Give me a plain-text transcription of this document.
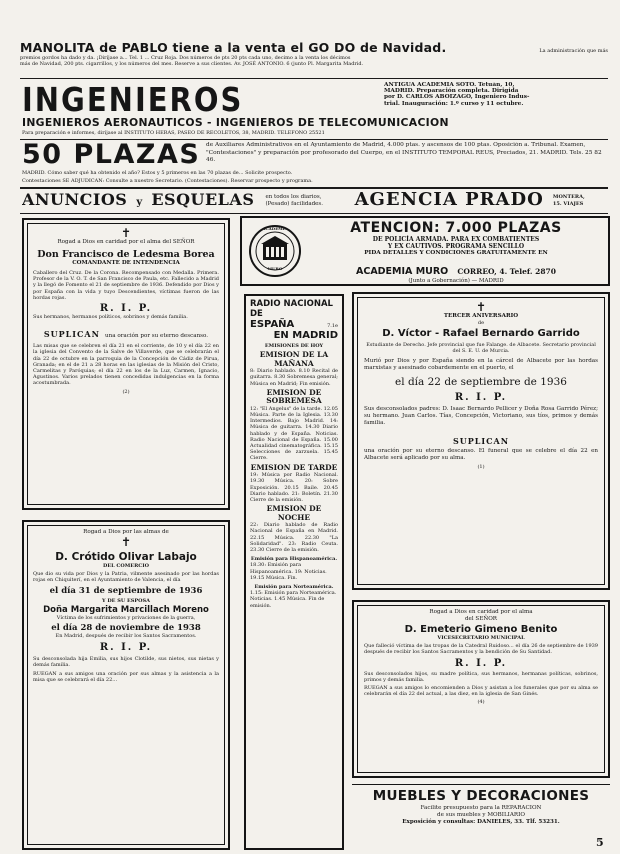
MANOLITA de PABLO tiene a la venta el GO DO de Navidad.	La administración que más
premios gordos ha dado y da. ¡Diríjase a... Tel. 1 ... Cruz Roja. Dos números de pts 20 pts cada uno, decimo a la venta los décimos
más de Navidad, 200 pts. cigarrillos, y los números del mes. Reserve a sus clientes. Av. JOSÉ ANTONIO. 6 (junto Pl. Margarita Madrid.
INGENIEROS	ANTIGUA ACADEMIA SOTO. Tetuán, 10,
MADRID. Preparación completa. Dirigida
por D. CARLOS ABOIZAGO, Ingeniero Indus-
trial. Inauguración: 1.º curso y 11 octubre.
INGENIEROS AERONAUTICOS - INGENIEROS DE TELECOMUNICACION
Para preparación e informes, diríjase al INSTITUTO HERAS, PASEO DE RECOLETOS, 38, MADRID. TELEFONO 25521
50 PLAZAS de Auxiliares Administrativos en el Ayuntamiento de Madrid, 4.000 ptas. y ascensos de 100 ptas. Oposición a. Tribunal. Examen, "Contestaciones" y preparación por profesorado del Cuerpo, en el INSTITUTO TEMPORAL REUS, Preciados, 21. MADRID. Tels. 25 82 46.
MADRID. Cómo saber qué ha obtenido el año? Estos y 5 primeros en las 70 plazas de... Solicite prospecto.
Contestaciones SE ADJUDICAN: Consulte a nuestro Secretario. (Contestaciones). Reservar prospecto y programa.
ANUNCIOS y ESQUELAS en todos los diarios, (Pesado) facilidades. AGENCIA PRADO MONTERA, 15. VIAJES
✝
Rogad a Dios en caridad por el alma del SEÑOR
Don Francisco de Ledesma Borea
COMANDANTE DE INTENDENCIA

Caballero del Cruz. De la Corona. Recompensado con Medalla. Primera. Profesor de la V. O. T. de San Francisco de Paula, etc. Fallecido a Madrid y la llegó de Fomento el 21 de septiembre de 1936. Defendido por Dios y por España con la vida y tuyo Descendientes, víctimas fueron de las hordas rojas.

R. I. P.

Sus hermanos, hermanos políticos, sobrinos y demás familia.

SUPLICAN una oración por su eterno descanso.

Las misas que se celebren el día 21 en el corriente, de 10 y el día 22 en la iglesia del Convento de la Salve de Villaverde, que se celebrarán el día 22 de octubre en la parroquia de la Concepción de Cádiz de Pirua, Granada; en el de 21 a 28 horas en las iglesias de la Misión del Cristo, Carmelitas y Paróquias; el día 22 en los de la Luz, Carmen, Ignacio, Agustinos. Varios prelados tienen concedidas indulgencias en la forma acostumbrada.

(2)
Rogad a Dios por las almas de
✝
D. Crótido Olivar Labajo
DEL COMERCIO

Que dio su vida por Dios y la Patria, vilmente asesinado por las hordas rojas en Chiquiterí, en el Ayuntamiento de Valencia, el día

el día 31 de septiembre de 1936
Y DE SU ESPOSA
Doña Margarita Marcillach Moreno

Víctima de los sufrimientos y privaciones de la guerra,

el día 28 de noviembre de 1938

En Madrid, después de recibir los Santos Sacramentos.

R. I. P.

Su desconsolada hija Emilia, sus hijos Clotilde, sus nietos, sus nietas y demás familia.

RUEGAN a sus amigos una oración por sus almas y la asistencia a la misa que se celebrará el día 22...

ACADEMIA
MURO
ATENCION: 7.000 PLAZAS
DE POLICÍA ARMADA. PARA EX COMBATIENTES
Y EX CAUTIVOS. PROGRAMA SENCILLO
PIDA DETALLES Y CONDICIONES GRATUITAMENTE EN
ACADEMIA MURO CORREO, 4. Telef. 2870
(Junto a Gobernación) — MADRID
RADIO NACIONAL
DE
ESPAÑA	7.1e
EN MADRID
EMISIONES DE HOY
EMISION DE LA MAÑANA

8: Diario hablado. 8.10 Recital de guitarra. 8.30 Sobremesa general; Música en Madrid; Fin emisión.

EMISION DE SOBREMESA

12: "El Angelus" de la tarde. 12.05 Música. Parte de la Iglesia. 13.30 Intermedios. Bajo Madrid. 14: Música de guitarra. 14.30 Diario hablado y de España. Noticias. Radio Nacional de España. 15.00 Actualidad cinematográfica. 15.15 Selecciones de zarzuela. 15.45 Cierre.

EMISION DE TARDE

19: Música por Radio Nacional. 19.30 Música. 20: Sobre Exposición. 20.15 Baile. 20.45 Diario hablado. 21: Boletín. 21.30 Cierre de la emisión.

EMISION DE NOCHE

22: Diario hablado de Radio Nacional de España en Madrid. 22.15 Música. 22.30 "La Solidaridad". 23: Radio Ceuta. 23.30 Cierre de la emisión.

Emisión para Hispanoamérica.

18.30: Emisión para Hispanoamérica. 19: Noticias. 19.15 Música. Fin.

Emisión para Norteamérica.

1.15: Emisión para Norteamérica. Noticias. 1.45 Música. Fin de emisión.

✝
TERCER ANIVERSARIO
de
D. Víctor - Rafael Bernardo Garrido

Estudiante de Derecho. Jefe provincial que fue Falange. de Albacete. Secretario provincial del S. E. U. de Murcia.

Murió por Dios y por España siendo en la cárcel de Albacete por las hordas marxistas y asesinado cobardemente en el puerto, el

el día 22 de septiembre de 1936
R. I. P.

Sus desconsolados padres: D. Isaac Bernardo Pellicer y Doña Rosa Garrido Pérez; su hermano. Juan Carlos. Tías, Concepción, Victoriano, sus tíos, primos y demás familia.

SUPLICAN

una oración por su eterno descanso. El funeral que se celebre el día 22 en Albacete será aplicado por su alma.

(1)
Rogad a Dios en caridad por el alma
del SEÑOR
D. Emeterio Gimeno Benito
VICESECRETARIO MUNICIPAL

Que falleció víctima de las tropas de la Catedral Ruidoso... el día 26 de septiembre de 1939 después de recibir los Santos Sacramentos y la bendición de Su Santidad.

R. I. P.

Sus desconsolados hijos, su madre política, sus hermanos, hermanas políticas, sobrinos, primos y demás familia.

RUEGAN a sus amigos lo encomienden a Dios y asistan a los funerales que por su alma se celebrarán el día 22 del actual, a las diez, en la iglesia de San Ginés.

(4)
MUEBLES Y DECORACIONES
Facilite presupuesto para la REPARACION
de sus muebles y MOBILIARIO
Exposición y consultas: DANIELES, 33. Tlf. 53231.
5
